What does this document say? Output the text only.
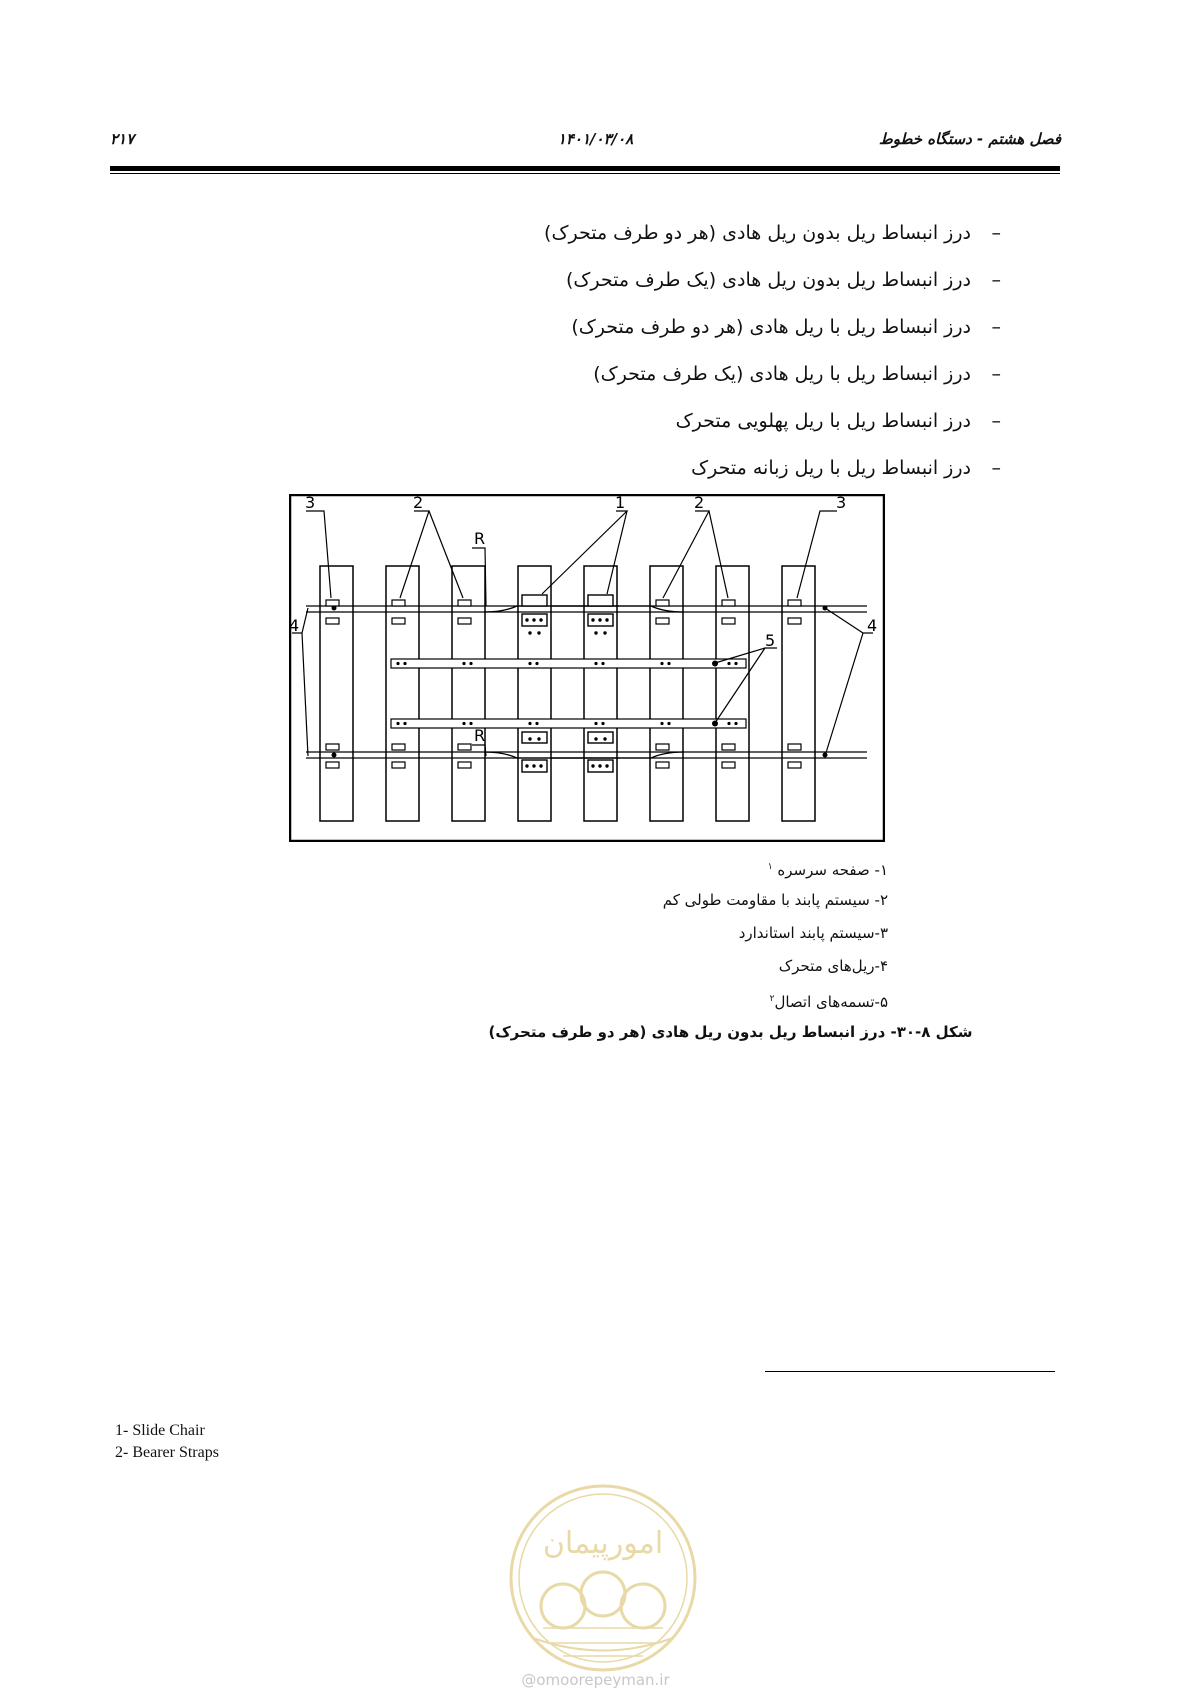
۲۱۷	۱۴۰۱/۰۳/۰۸	فصل هشتم - دستگاه خطوط
–درز انبساط ریل بدون ریل هادی (هر دو طرف متحرک)
–درز انبساط ریل بدون ریل هادی (یک طرف متحرک)
–درز انبساط ریل با ریل هادی (هر دو طرف متحرک)
–درز انبساط ریل با ریل هادی (یک طرف متحرک)
–درز انبساط ریل با ریل پهلویی متحرک
–درز انبساط ریل با ریل زبانه متحرک
3	2	1	2	3
4	4
5
R
R
۱- صفحه سرسره $^۱$
۲- سیستم پابند با مقاومت طولی کم
۳-سیستم پابند استاندارد
۴-ریل‌های متحرک
۵-تسمه‌های اتصال$^۲$
شکل ۸-۳۰- درز انبساط ریل بدون ریل هادی (هر دو طرف متحرک)
1- Slide Chair
2- Bearer Straps
امورپیمان
@omoorepeyman.ir
